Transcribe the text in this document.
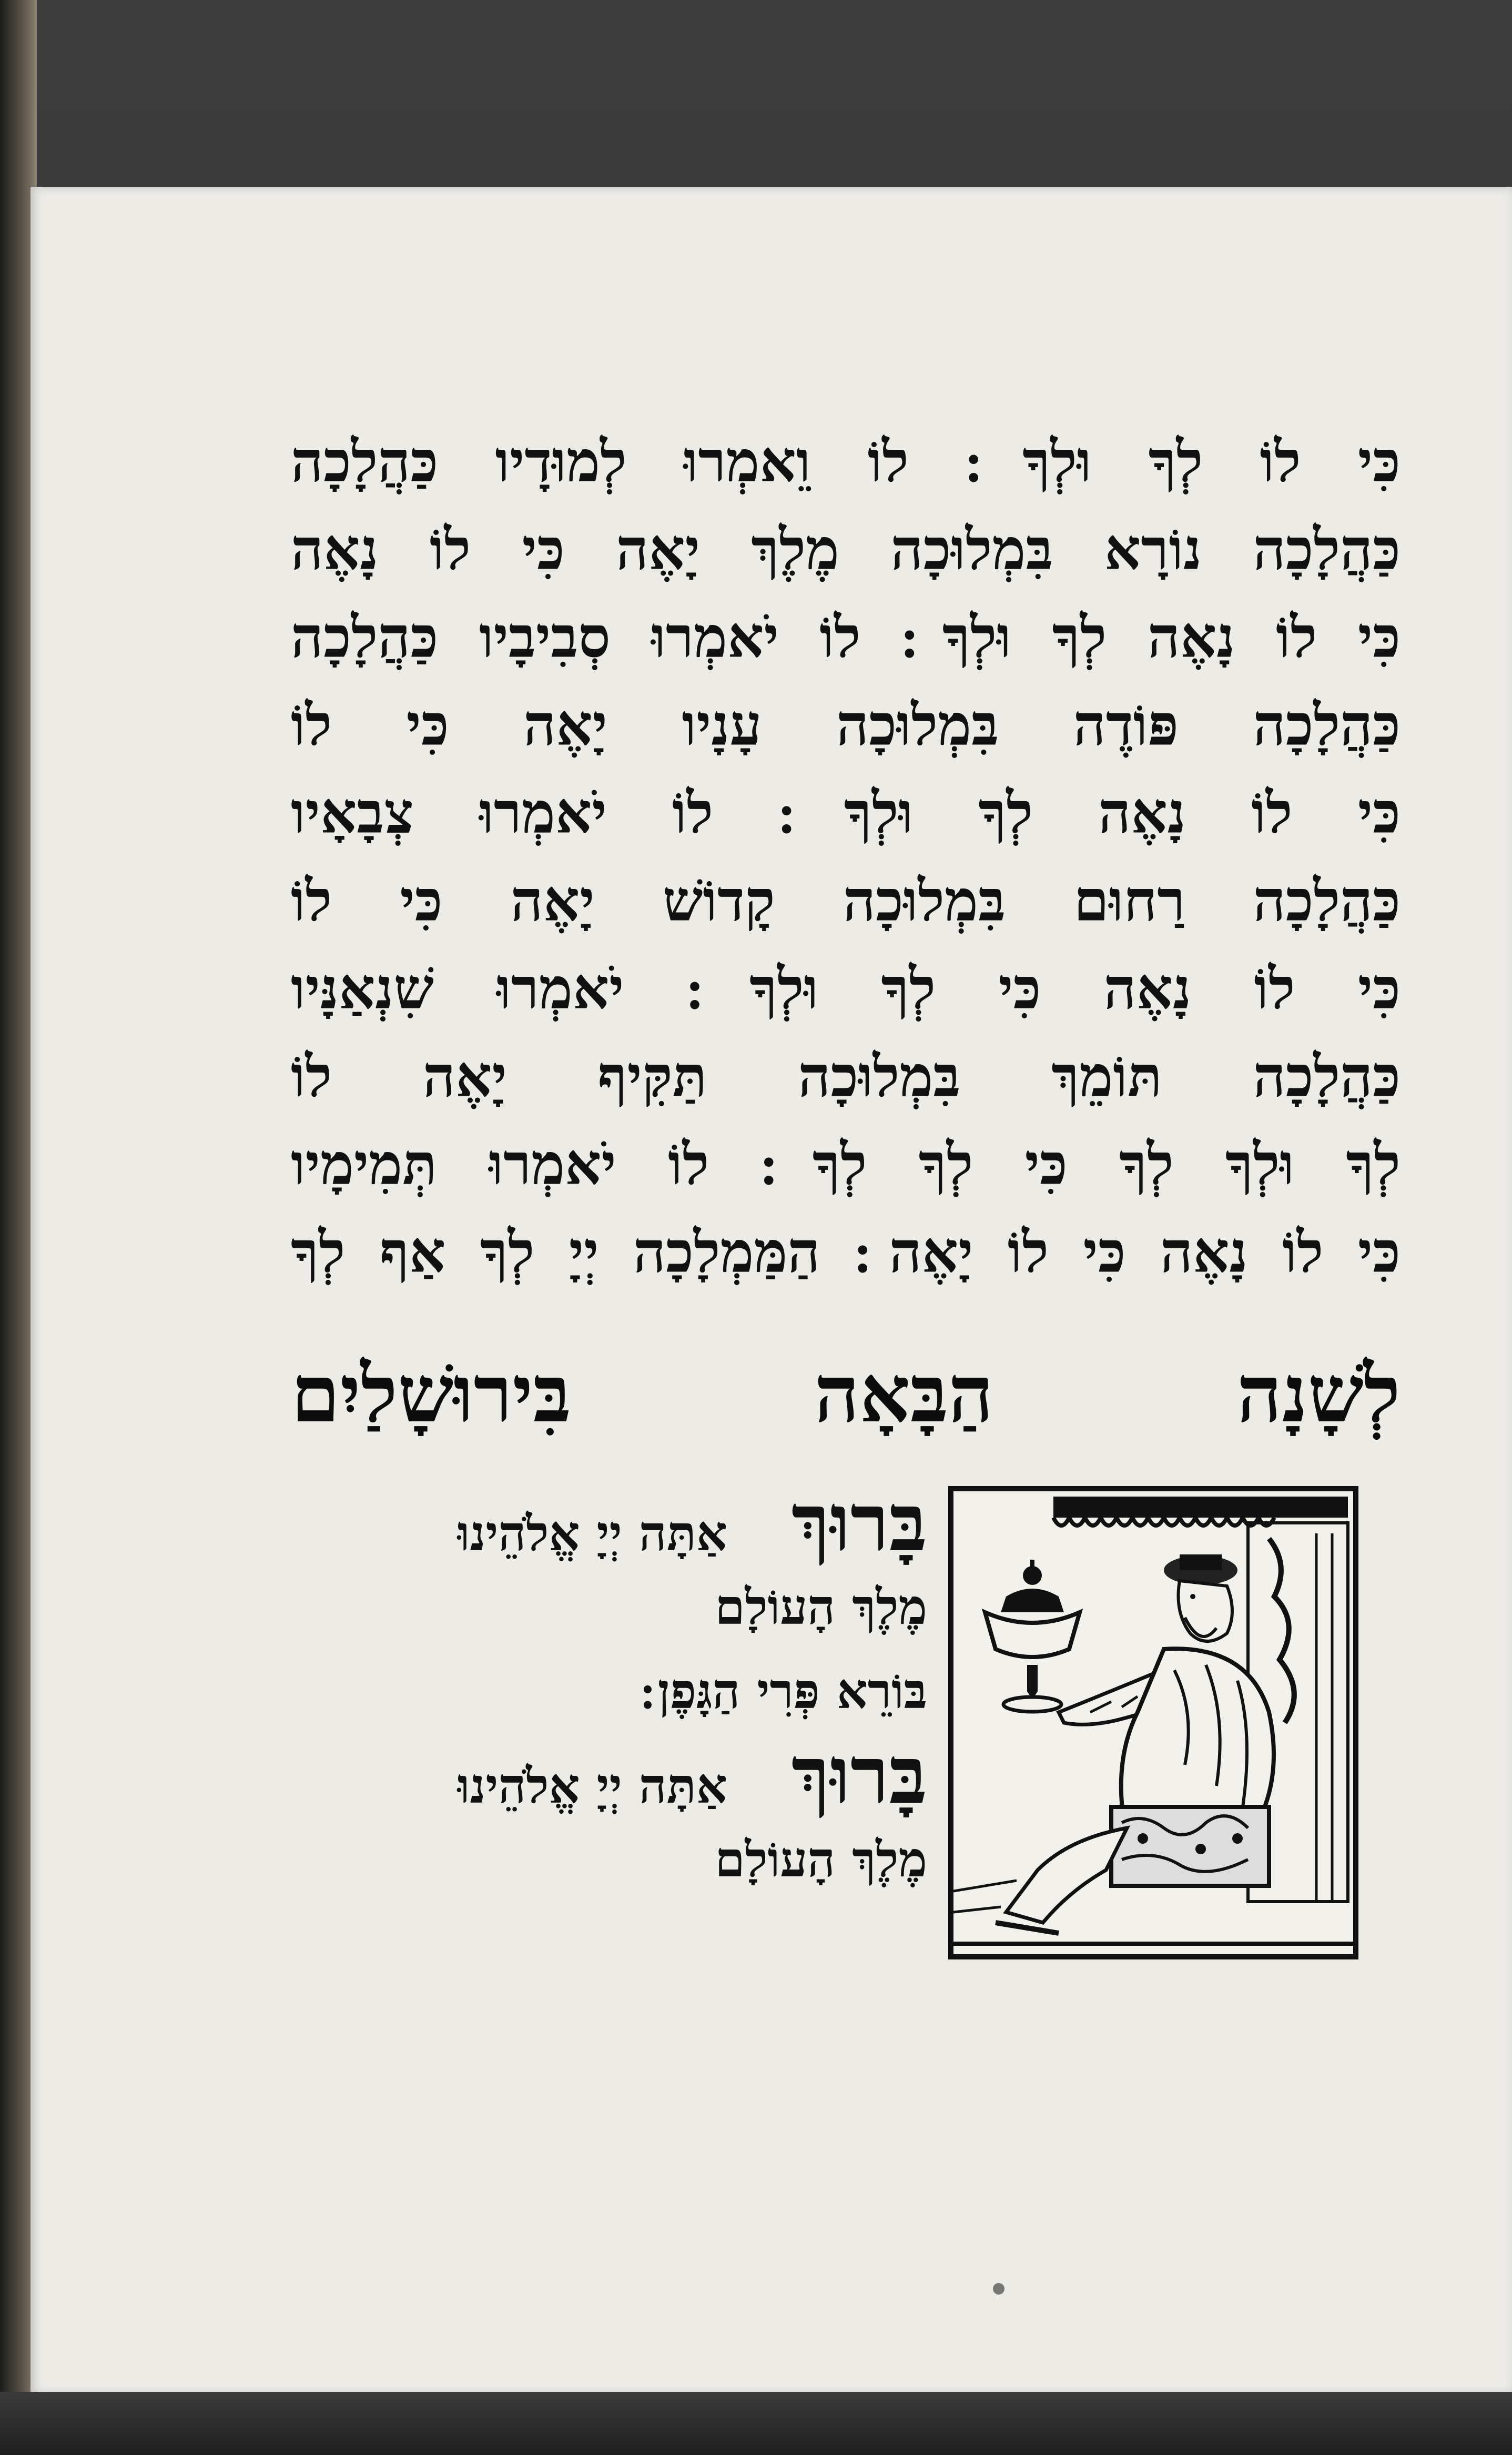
כִּי לוֹ לְךָ וּלְךָ ׃ לוֹ וֵאמְרוּ לְמוּדָיו כַּהֲלָכָה
כַּהֲלָכָה נוֹרָא בִּמְלוּכָה מֶלֶךְ יָאֶה כִּי לוֹ נָאֶה
כִּי לוֹ נָאֶה לְךָ וּלְךָ ׃ לוֹ יֹאמְרוּ סְבִיבָיו כַּהֲלָכָה
כַּהֲלָכָה פּוֹדֶה בִּמְלוּכָה עָנָיו יָאֶה כִּי לוֹ
כִּי לוֹ נָאֶה לְךָ וּלְךָ ׃ לוֹ יֹאמְרוּ צְבָאָיו
כַּהֲלָכָה רַחוּם בִּמְלוּכָה קָדוֹשׁ יָאֶה כִּי לוֹ
כִּי לוֹ נָאֶה כִּי לְךָ וּלְךָ ׃ יֹאמְרוּ שִׁנְאַנָּיו
כַּהֲלָכָה תּוֹמֵךְ בִּמְלוּכָה תַּקִּיף יָאֶה לוֹ
לְךָ וּלְךָ לְךָ כִּי לְךָ לְךָ ׃ לוֹ יֹאמְרוּ תְּמִימָיו
כִּי לוֹ נָאֶה כִּי לוֹ יָאֶה ׃ הַמַּמְלָכָה יְיָ לְךָ אַף לְךָ
לְשָׁנָה הַבָּאָה בִּירוּשָׁלַיִם
בָּרוּךְ אַתָּה יְיָ אֱלֹהֵינוּ
מֶלֶךְ הָעוֹלָם
בּוֹרֵא פְּרִי הַגָּפֶן ׃
בָּרוּךְ אַתָּה יְיָ אֱלֹהֵינוּ
מֶלֶךְ הָעוֹלָם
